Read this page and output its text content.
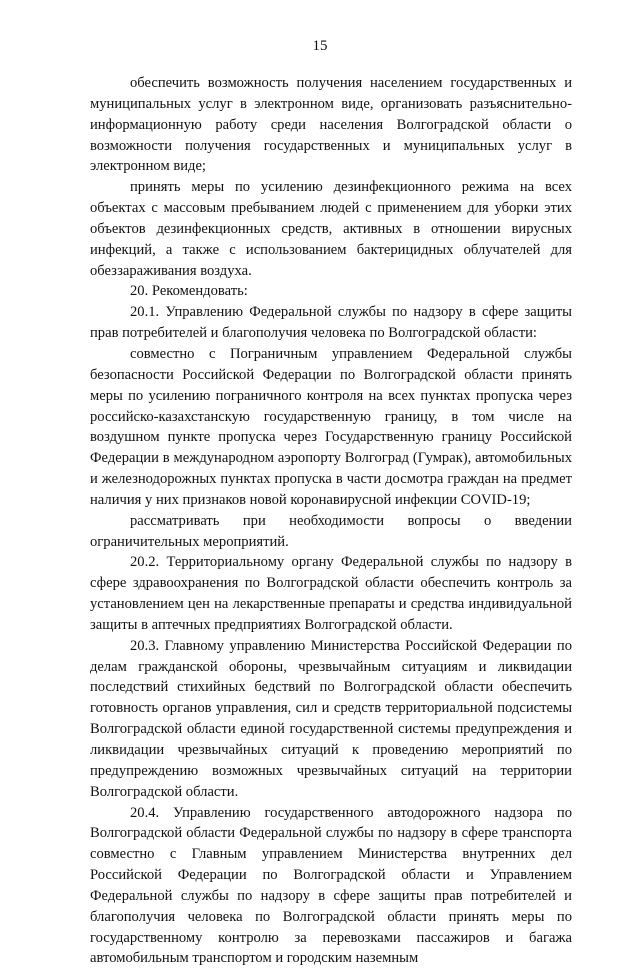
15

обеспечить возможность получения населением государственных и муниципальных услуг в электронном виде, организовать разъяснительно-информационную работу среди населения Волгоградской области о возможности получения государственных и муниципальных услуг в электронном виде;

принять меры по усилению дезинфекционного режима на всех объектах с массовым пребыванием людей с применением для уборки этих объектов дезинфекционных средств, активных в отношении вирусных инфекций, а также с использованием бактерицидных облучателей для обеззараживания воздуха.

20. Рекомендовать:

20.1. Управлению Федеральной службы по надзору в сфере защиты прав потребителей и благополучия человека по Волгоградской области:

совместно с Пограничным управлением Федеральной службы безопасности Российской Федерации по Волгоградской области принять меры по усилению пограничного контроля на всех пунктах пропуска через российско-казахстанскую государственную границу, в том числе на воздушном пункте пропуска через Государственную границу Российской Федерации в международном аэропорту Волгоград (Гумрак), автомобильных и железнодорожных пунктах пропуска в части досмотра граждан на предмет наличия у них признаков новой коронавирусной инфекции COVID-19;

рассматривать при необходимости вопросы о введении ограничительных мероприятий.

20.2. Территориальному органу Федеральной службы по надзору в сфере здравоохранения по Волгоградской области обеспечить контроль за установлением цен на лекарственные препараты и средства индивидуальной защиты в аптечных предприятиях Волгоградской области.

20.3. Главному управлению Министерства Российской Федерации по делам гражданской обороны, чрезвычайным ситуациям и ликвидации последствий стихийных бедствий по Волгоградской области обеспечить готовность органов управления, сил и средств территориальной подсистемы Волгоградской области единой государственной системы предупреждения и ликвидации чрезвычайных ситуаций к проведению мероприятий по предупреждению возможных чрезвычайных ситуаций на территории Волгоградской области.

20.4. Управлению государственного автодорожного надзора по Волгоградской области Федеральной службы по надзору в сфере транспорта совместно с Главным управлением Министерства внутренних дел Российской Федерации по Волгоградской области и Управлением Федеральной службы по надзору в сфере защиты прав потребителей и благополучия человека по Волгоградской области принять меры по государственному контролю за перевозками пассажиров и багажа автомобильным транспортом и городским наземным
